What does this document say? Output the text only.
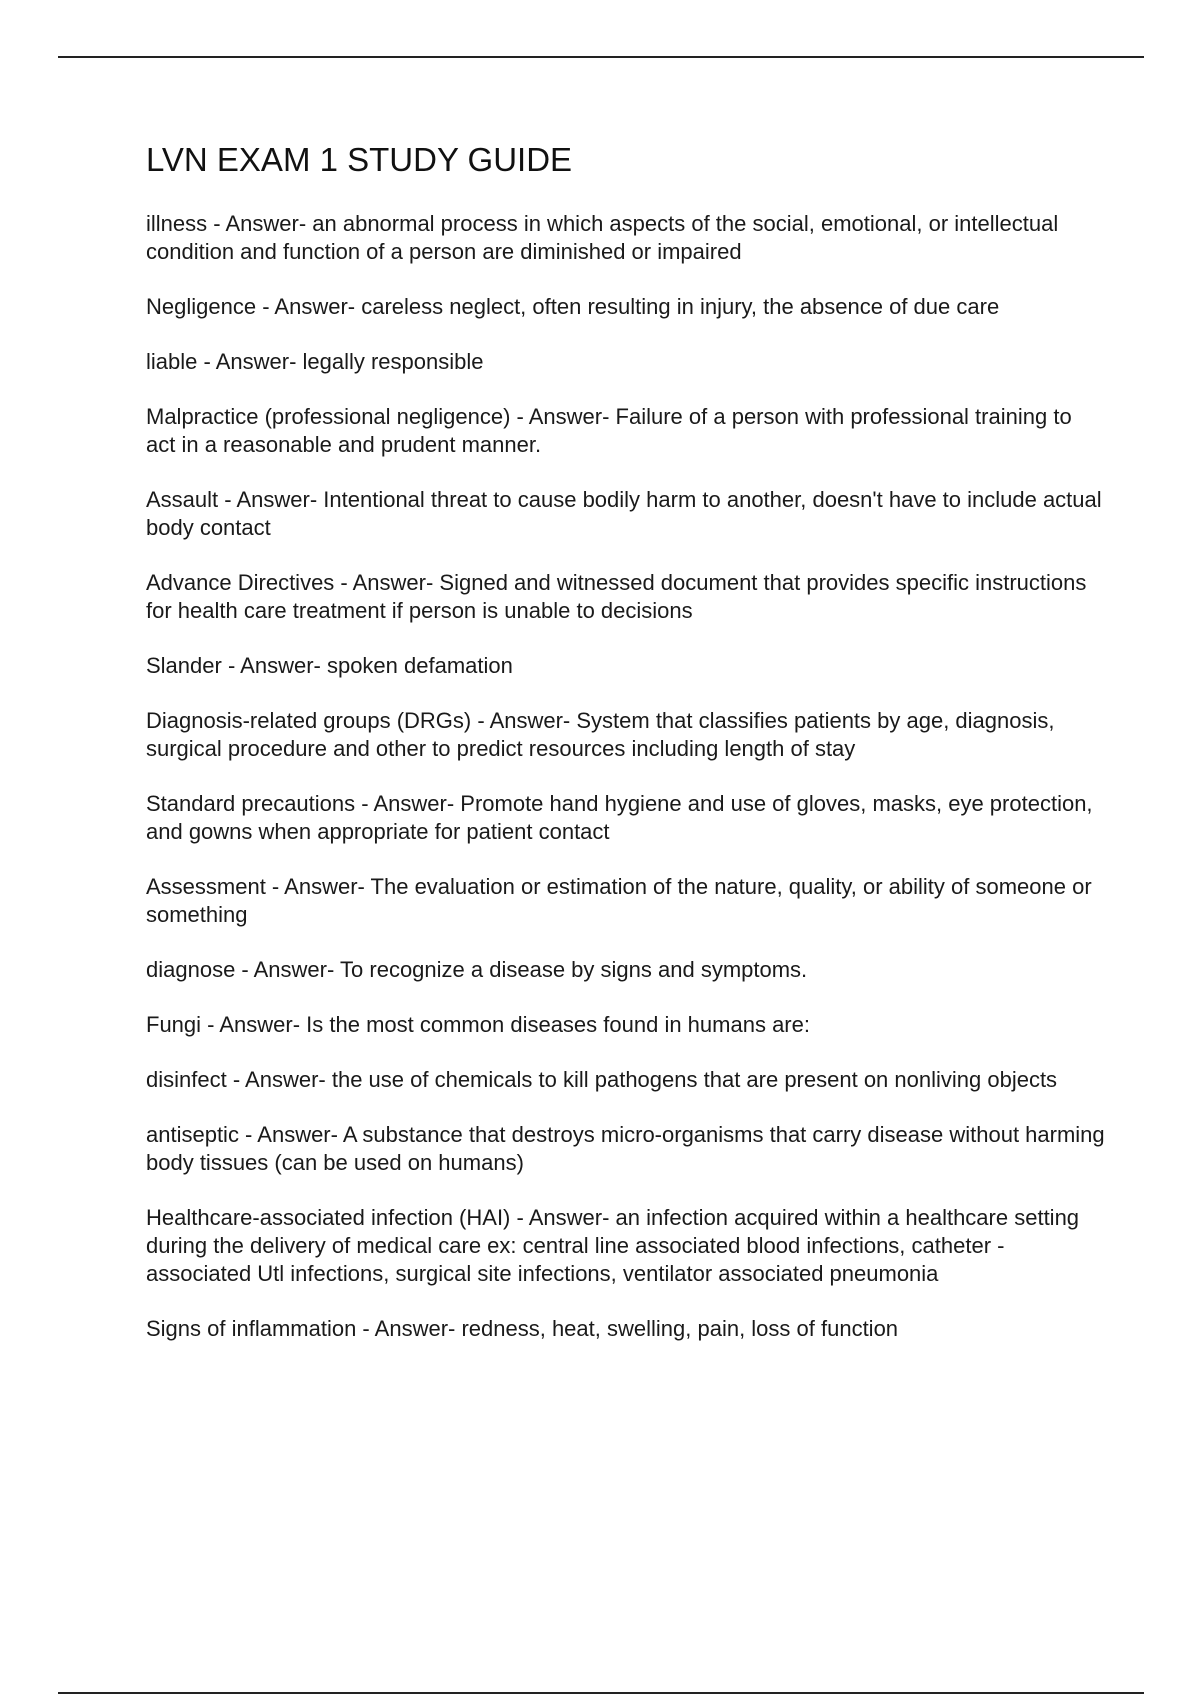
LVN EXAM 1 STUDY GUIDE

illness - Answer- an abnormal process in which aspects of the social, emotional, or intellectual condition and function of a person are diminished or impaired

Negligence - Answer- careless neglect, often resulting in injury, the absence of due care

liable - Answer- legally responsible

Malpractice (professional negligence) - Answer- Failure of a person with professional training to act in a reasonable and prudent manner.

Assault - Answer- Intentional threat to cause bodily harm to another, doesn't have to include actual body contact

Advance Directives - Answer- Signed and witnessed document that provides specific instructions for health care treatment if person is unable to decisions

Slander - Answer- spoken defamation

Diagnosis-related groups (DRGs) - Answer- System that classifies patients by age, diagnosis, surgical procedure and other to predict resources including length of stay

Standard precautions - Answer- Promote hand hygiene and use of gloves, masks, eye protection, and gowns when appropriate for patient contact

Assessment - Answer- The evaluation or estimation of the nature, quality, or ability of someone or something

diagnose - Answer- To recognize a disease by signs and symptoms.

Fungi - Answer- Is the most common diseases found in humans are:

disinfect - Answer- the use of chemicals to kill pathogens that are present on nonliving objects

antiseptic - Answer- A substance that destroys micro-organisms that carry disease without harming body tissues (can be used on humans)

Healthcare-associated infection (HAI) - Answer- an infection acquired within a healthcare setting during the delivery of medical care ex: central line associated blood infections, catheter -associated Utl infections, surgical site infections, ventilator associated pneumonia

Signs of inflammation - Answer- redness, heat, swelling, pain, loss of function
